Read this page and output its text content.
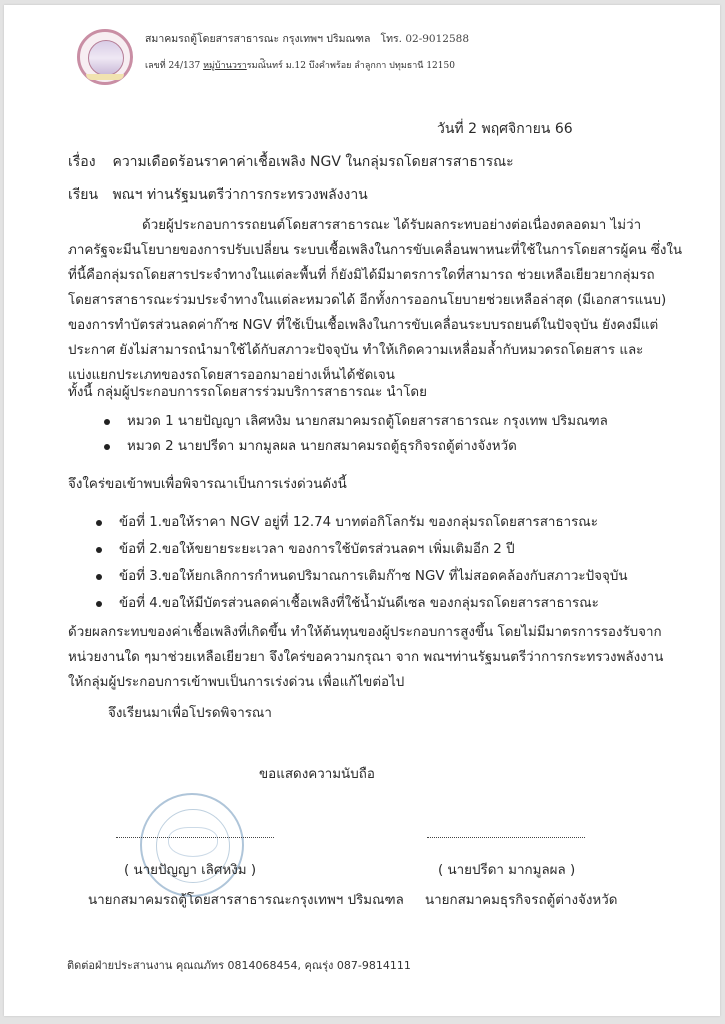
สมาคมรถตู้โดยสารสาธารณะ กรุงเทพฯ ปริมณฑล โทร. 02-9012588
เลขที่ 24/137 หมู่บ้านวรารมณ์ินทร์ ม.12 บึงคำพร้อย ลำลูกกา ปทุมธานี 12150
วันที่ 2 พฤศจิกายน 66
เรื่อง ความเดือดร้อนราคาค่าเชื้อเพลิง NGV ในกลุ่มรถโดยสารสาธารณะ
เรียน พณฯ ท่านรัฐมนตรีว่าการกระทรวงพลังงาน
ด้วยผู้ประกอบการรถยนต์โดยสารสาธารณะ ได้รับผลกระทบอย่างต่อเนื่องตลอดมา ไม่ว่า
ภาครัฐจะมีนโยบายของการปรับเปลี่ยน ระบบเชื้อเพลิงในการขับเคลื่อนพาหนะที่ใช้ในการโดยสารผู้คน ซึ่งใน
ที่นี้คือกลุ่มรถโดยสารประจำทางในแต่ละพื้นที่ ก็ยังมิได้มีมาตรการใดที่สามารถ ช่วยเหลือเยียวยากลุ่มรถ
โดยสารสาธารณะร่วมประจำทางในแต่ละหมวดได้ อีกทั้งการออกนโยบายช่วยเหลือล่าสุด (มีเอกสารแนบ)
ของการทำบัตรส่วนลดค่าก๊าซ NGV ที่ใช้เป็นเชื้อเพลิงในการขับเคลื่อนระบบรถยนต์ในปัจจุบัน ยังคงมีแต่
ประกาศ ยังไม่สามารถนำมาใช้ได้กับสภาวะปัจจุบัน ทำให้เกิดความเหลื่อมล้ำกับหมวดรถโดยสาร และ
แบ่งแยกประเภทของรถโดยสารออกมาอย่างเห็นได้ชัดเจน
ทั้งนี้ กลุ่มผู้ประกอบการรถโดยสารร่วมบริการสาธารณะ นำโดย
หมวด 1 นายปัญญา เลิศหงิม นายกสมาคมรถตู้โดยสารสาธารณะ กรุงเทพ ปริมณฑล
หมวด 2 นายปรีดา มากมูลผล นายกสมาคมรถตู้ธุรกิจรถตู้ต่างจังหวัด
จึงใคร่ขอเข้าพบเพื่อพิจารณาเป็นการเร่งด่วนดังนี้
ข้อที่ 1.ขอให้ราคา NGV อยู่ที่ 12.74 บาทต่อกิโลกรัม ของกลุ่มรถโดยสารสาธารณะ
ข้อที่ 2.ขอให้ขยายระยะเวลา ของการใช้บัตรส่วนลดฯ เพิ่มเติมอีก 2 ปี
ข้อที่ 3.ขอให้ยกเลิกการกำหนดปริมาณการเติมก๊าซ NGV ที่ไม่สอดคล้องกับสภาวะปัจจุบัน
ข้อที่ 4.ขอให้มีบัตรส่วนลดค่าเชื้อเพลิงที่ใช้น้ำมันดีเซล ของกลุ่มรถโดยสารสาธารณะ
ด้วยผลกระทบของค่าเชื้อเพลิงที่เกิดขึ้น ทำให้ต้นทุนของผู้ประกอบการสูงขึ้น โดยไม่มีมาตรการรองรับจาก
หน่วยงานใด ๆมาช่วยเหลือเยียวยา จึงใคร่ขอความกรุณา จาก พณฯท่านรัฐมนตรีว่าการกระทรวงพลังงาน
ให้กลุ่มผู้ประกอบการเข้าพบเป็นการเร่งด่วน เพื่อแก้ไขต่อไป
จึงเรียนมาเพื่อโปรดพิจารณา
ขอแสดงความนับถือ
( นายปัญญา เลิศหงิม )
นายกสมาคมรถตู้โดยสารสาธารณะกรุงเทพฯ ปริมณฑล
( นายปรีดา มากมูลผล )
นายกสมาคมธุรกิจรถตู้ต่างจังหวัด
ติดต่อฝ่ายประสานงาน คุณณภัทร 0814068454, คุณรุ่ง 087-9814111
